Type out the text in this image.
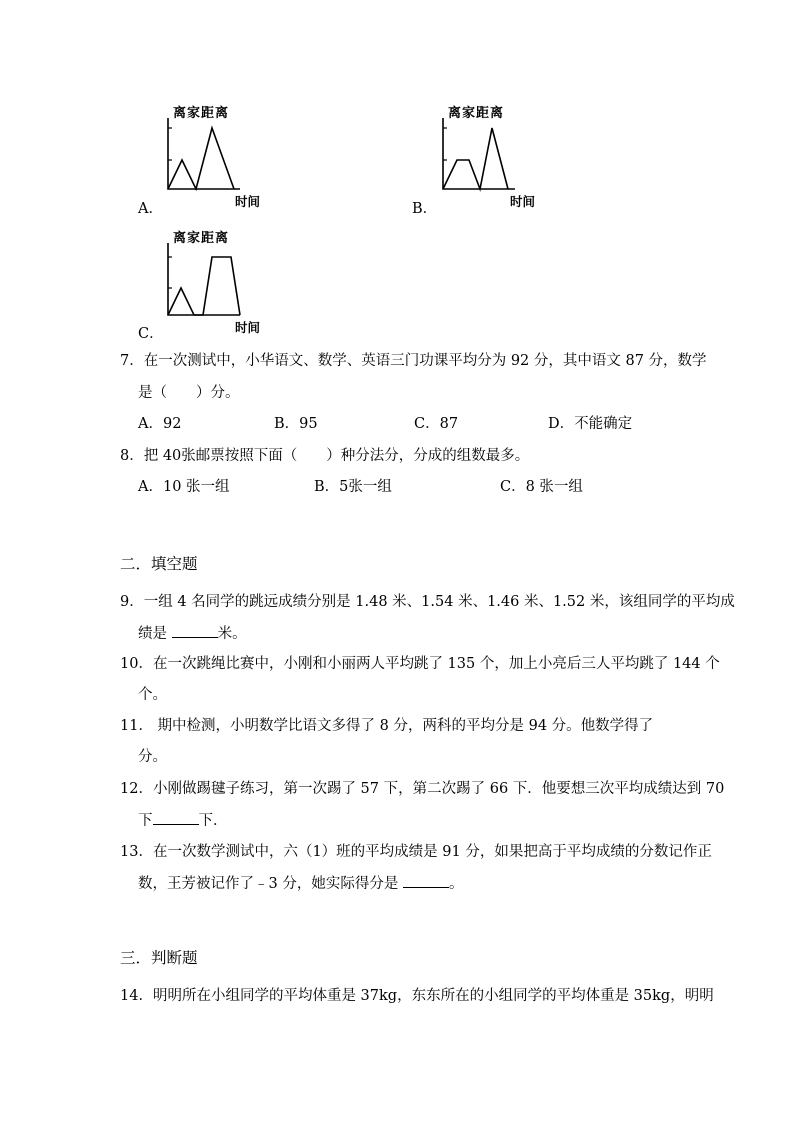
A．
离家距离
时间	B．
离家距离
时间
C．
离家距离
时间
7．在一次测试中，小华语文、数学、英语三门功课平均分为 92 分，其中语文 87 分，数学
是（　　）分。
A．92	B．95	C．87	D．不能确定
8．把 40张邮票按照下面（　　）种分法分，分成的组数最多。
A．10 张一组	B．5张一组	C．8 张一组
二．填空题
9．一组 4 名同学的跳远成绩分别是 1.48 米、1.54 米、1.46 米、1.52 米，该组同学的平均成
绩是	米。
10．在一次跳绳比赛中，小刚和小丽两人平均跳了 135 个，加上小亮后三人平均跳了 144 个
个。
11． 期中检测，小明数学比语文多得了 8 分，两科的平均分是 94 分。他数学得了
分。
12．小刚做踢毽子练习，第一次踢了 57 下，第二次踢了 66 下．他要想三次平均成绩达到 70
下	下．
13．在一次数学测试中，六（1）班的平均成绩是 91 分，如果把高于平均成绩的分数记作正
数，王芳被记作了﹣3 分，她实际得分是	。
三．判断题
14．明明所在小组同学的平均体重是 37kg，东东所在的小组同学的平均体重是 35kg，明明
